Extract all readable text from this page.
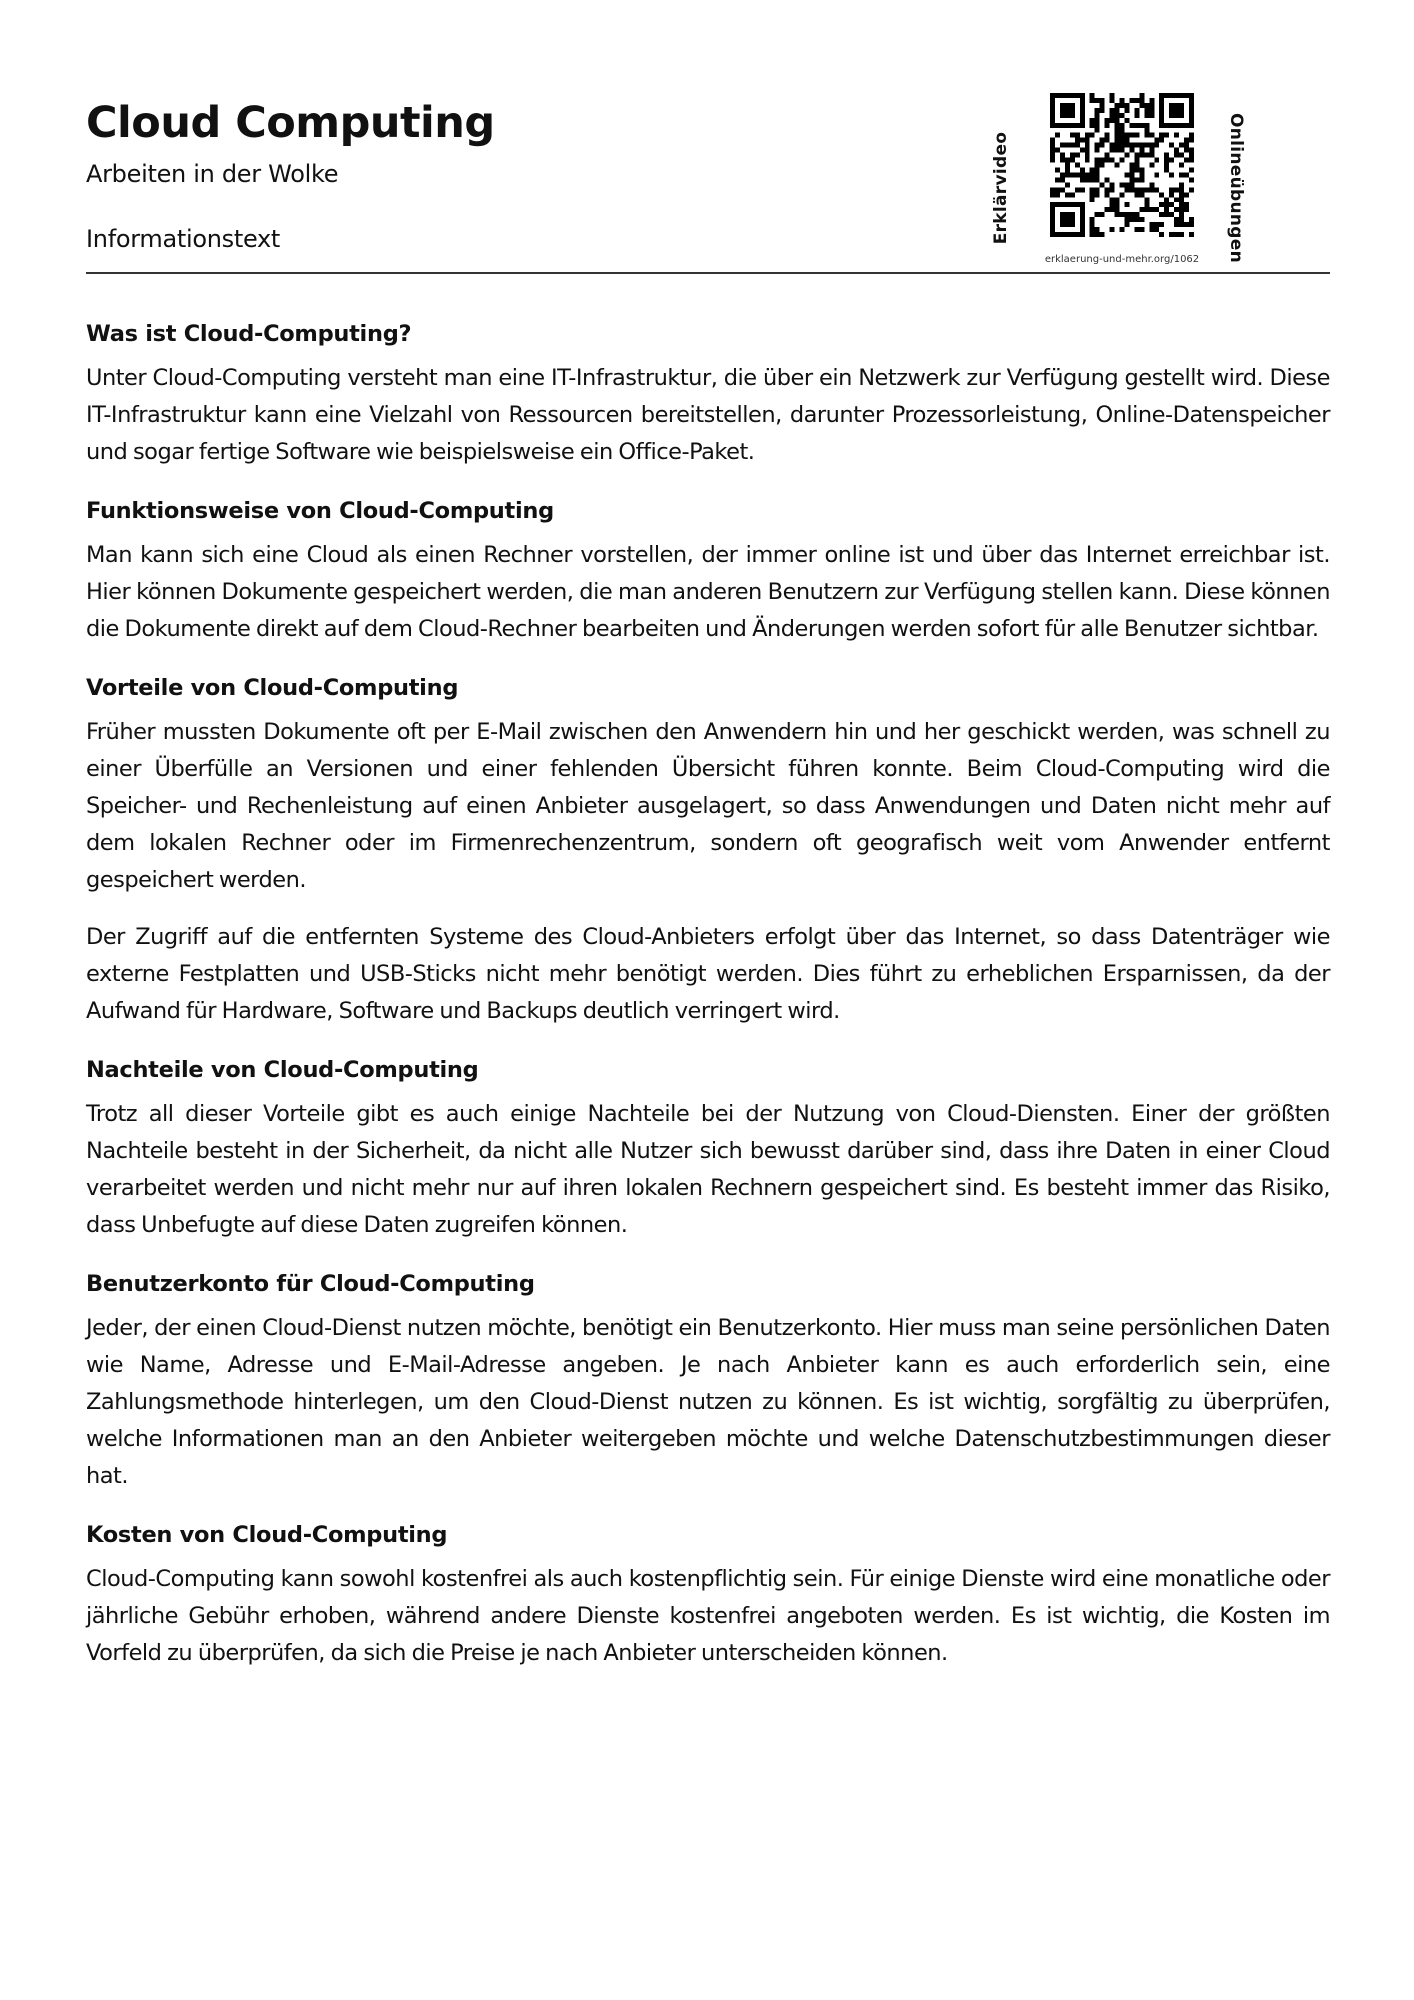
Cloud Computing
Arbeiten in der Wolke
Informationstext	Erklärvideo	Onlineübungen
erklaerung-und-mehr.org/1062
Was ist Cloud-Computing?

Unter Cloud-Computing versteht man eine IT-Infrastruktur, die über ein Netzwerk zur Verfügung gestellt wird. Diese IT-Infrastruktur kann eine Vielzahl von Ressourcen bereitstellen, darunter Prozessorleistung, Online-Datenspeicher und sogar fertige Software wie beispielsweise ein Office-Paket.

Funktionsweise von Cloud-Computing

Man kann sich eine Cloud als einen Rechner vorstellen, der immer online ist und über das Internet erreichbar ist. Hier können Dokumente gespeichert werden, die man anderen Benutzern zur Verfügung stellen kann. Diese können die Dokumente direkt auf dem Cloud-Rechner bearbeiten und Änderungen werden sofort für alle Benutzer sichtbar.

Vorteile von Cloud-Computing

Früher mussten Dokumente oft per E-Mail zwischen den Anwendern hin und her geschickt werden, was schnell zu einer Überfülle an Versionen und einer fehlenden Übersicht führen konnte. Beim Cloud-Computing wird die Speicher- und Rechenleistung auf einen Anbieter ausgelagert, so dass Anwendungen und Daten nicht mehr auf dem lokalen Rechner oder im Firmenrechenzentrum, sondern oft geografisch weit vom Anwender entfernt gespeichert werden.

Der Zugriff auf die entfernten Systeme des Cloud-Anbieters erfolgt über das Internet, so dass Datenträger wie externe Festplatten und USB-Sticks nicht mehr benötigt werden. Dies führt zu erheblichen Ersparnissen, da der Aufwand für Hardware, Software und Backups deutlich verringert wird.

Nachteile von Cloud-Computing

Trotz all dieser Vorteile gibt es auch einige Nachteile bei der Nutzung von Cloud-Diensten. Einer der größten Nachteile besteht in der Sicherheit, da nicht alle Nutzer sich bewusst darüber sind, dass ihre Daten in einer Cloud verarbeitet werden und nicht mehr nur auf ihren lokalen Rechnern gespeichert sind. Es besteht immer das Risiko, dass Unbefugte auf diese Daten zugreifen können.

Benutzerkonto für Cloud-Computing

Jeder, der einen Cloud-Dienst nutzen möchte, benötigt ein Benutzerkonto. Hier muss man seine persönlichen Daten wie Name, Adresse und E-Mail-Adresse angeben. Je nach Anbieter kann es auch erforderlich sein, eine Zahlungsmethode hinterlegen, um den Cloud-Dienst nutzen zu können. Es ist wichtig, sorgfältig zu überprüfen, welche Informationen man an den Anbieter weitergeben möchte und welche Datenschutzbestimmungen dieser hat.

Kosten von Cloud-Computing

Cloud-Computing kann sowohl kostenfrei als auch kostenpflichtig sein. Für einige Dienste wird eine monatliche oder jährliche Gebühr erhoben, während andere Dienste kostenfrei angeboten werden. Es ist wichtig, die Kosten im Vorfeld zu überprüfen, da sich die Preise je nach Anbieter unterscheiden können.
